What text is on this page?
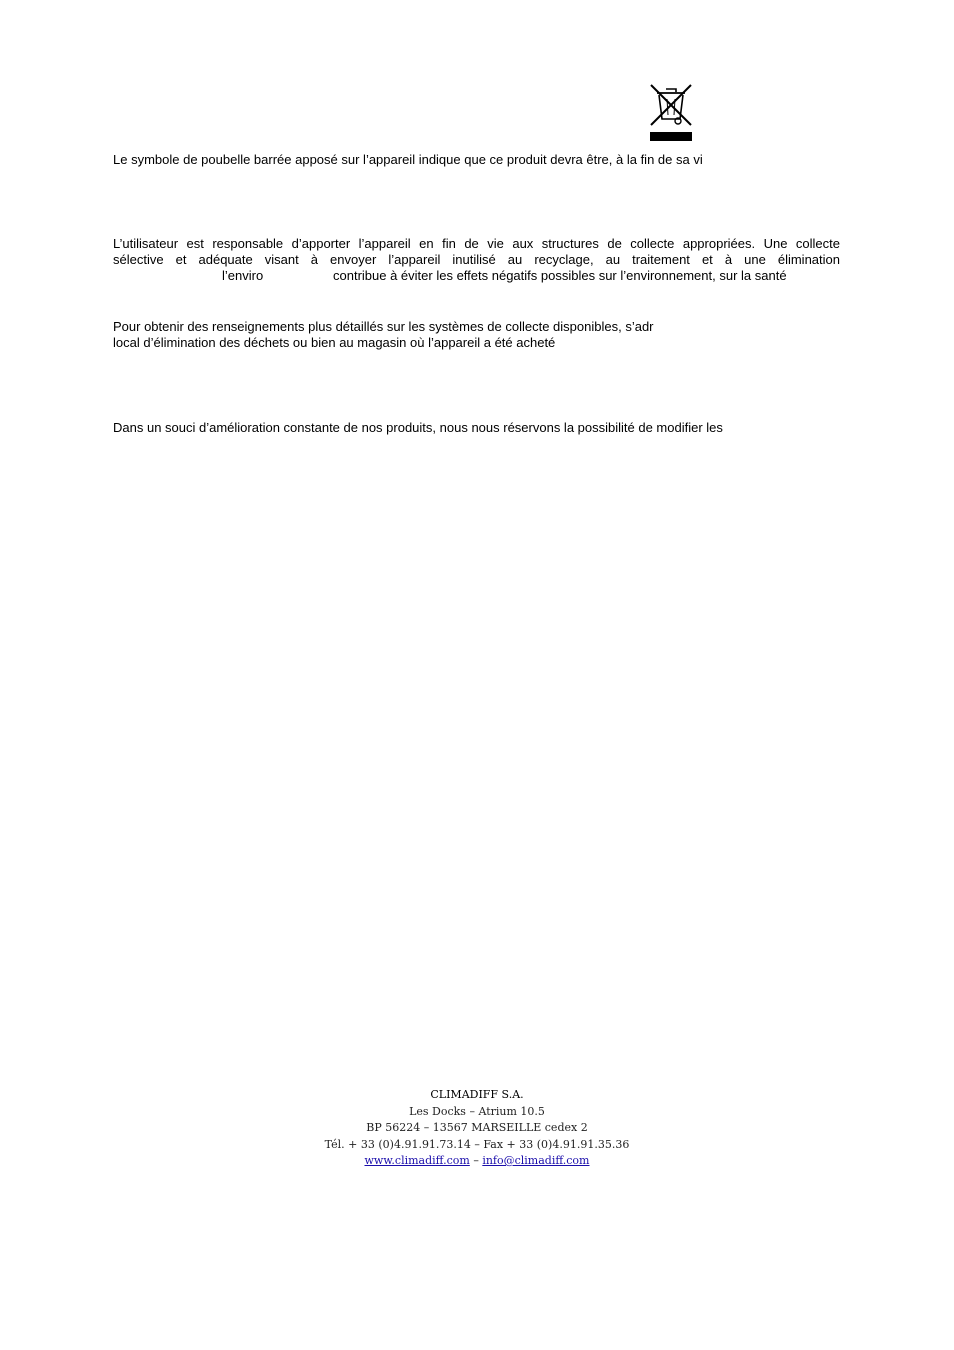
Le symbole de poubelle barrée apposé sur l’appareil indique que ce produit devra être, à la fin de sa vi
L’utilisateur est responsable d’apporter l’appareil en fin de vie aux structures de collecte appropriées. Une collecte
sélective et adéquate visant à envoyer l’appareil inutilisé au recyclage, au traitement et à une élimination
l’enviro	contribue à éviter les effets négatifs possibles sur l’environnement, sur la santé
Pour obtenir des renseignements plus détaillés sur les systèmes de collecte disponibles, s’adr
local d’élimination des déchets ou bien au magasin où l’appareil a été acheté
Dans un souci d’amélioration constante de nos produits, nous nous réservons la possibilité de modifier les
CLIMADIFF S.A.
Les Docks – Atrium 10.5
BP 56224 – 13567 MARSEILLE cedex 2
Tél. + 33 (0)4.91.91.73.14 – Fax + 33 (0)4.91.91.35.36
www.climadiff.com – info@climadiff.com
